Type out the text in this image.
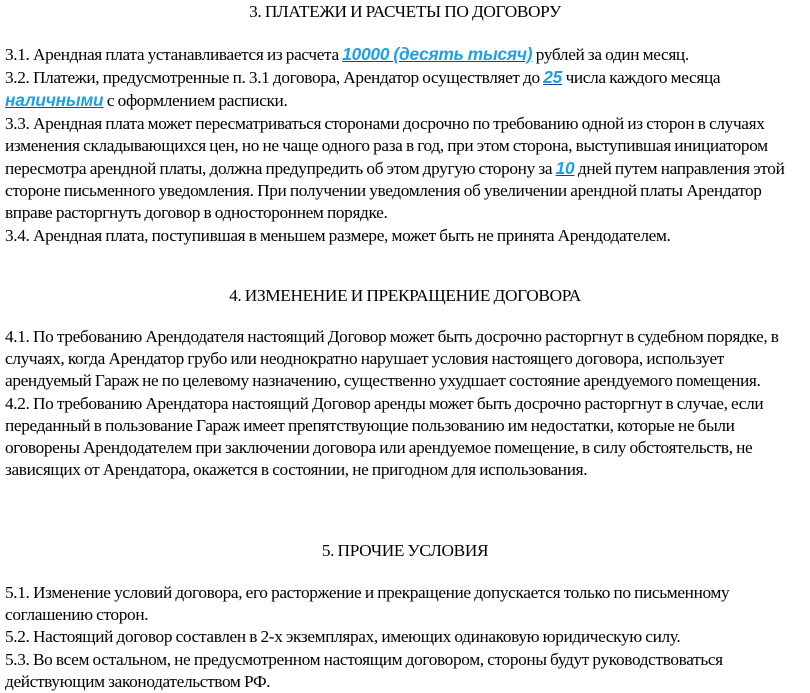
3. ПЛАТЕЖИ И РАСЧЕТЫ ПО ДОГОВОРУ

3.1. Арендная плата устанавливается из расчета 10000 (десять тысяч) рублей за один месяц.

3.2. Платежи, предусмотренные п. 3.1 договора, Арендатор осуществляет до 25 числа каждого месяца наличными с оформлением расписки.

3.3. Арендная плата может пересматриваться сторонами досрочно по требованию одной из сторон в случаях изменения складывающихся цен, но не чаще одного раза в год, при этом сторона, выступившая инициатором пересмотра арендной платы, должна предупредить об этом другую сторону за 10 дней путем направления этой стороне письменного уведомления. При получении уведомления об увеличении арендной платы Арендатор вправе расторгнуть договор в одностороннем порядке.

3.4. Арендная плата, поступившая в меньшем размере, может быть не принята Арендодателем.

4. ИЗМЕНЕНИЕ И ПРЕКРАЩЕНИЕ ДОГОВОРА

4.1. По требованию Арендодателя настоящий Договор может быть досрочно расторгнут в судебном порядке, в случаях, когда Арендатор грубо или неоднократно нарушает условия настоящего договора, использует арендуемый Гараж не по целевому назначению, существенно ухудшает состояние арендуемого помещения.

4.2. По требованию Арендатора настоящий Договор аренды может быть досрочно расторгнут в случае, если переданный в пользование Гараж имеет препятствующие пользованию им недостатки, которые не были оговорены Арендодателем при заключении договора или арендуемое помещение, в силу обстоятельств, не зависящих от Арендатора, окажется в состоянии, не пригодном для использования.

5. ПРОЧИЕ УСЛОВИЯ

5.1. Изменение условий договора, его расторжение и прекращение допускается только по письменному соглашению сторон.

5.2. Настоящий договор составлен в 2-х экземплярах, имеющих одинаковую юридическую силу.

5.3. Во всем остальном, не предусмотренном настоящим договором, стороны будут руководствоваться действующим законодательством РФ.
